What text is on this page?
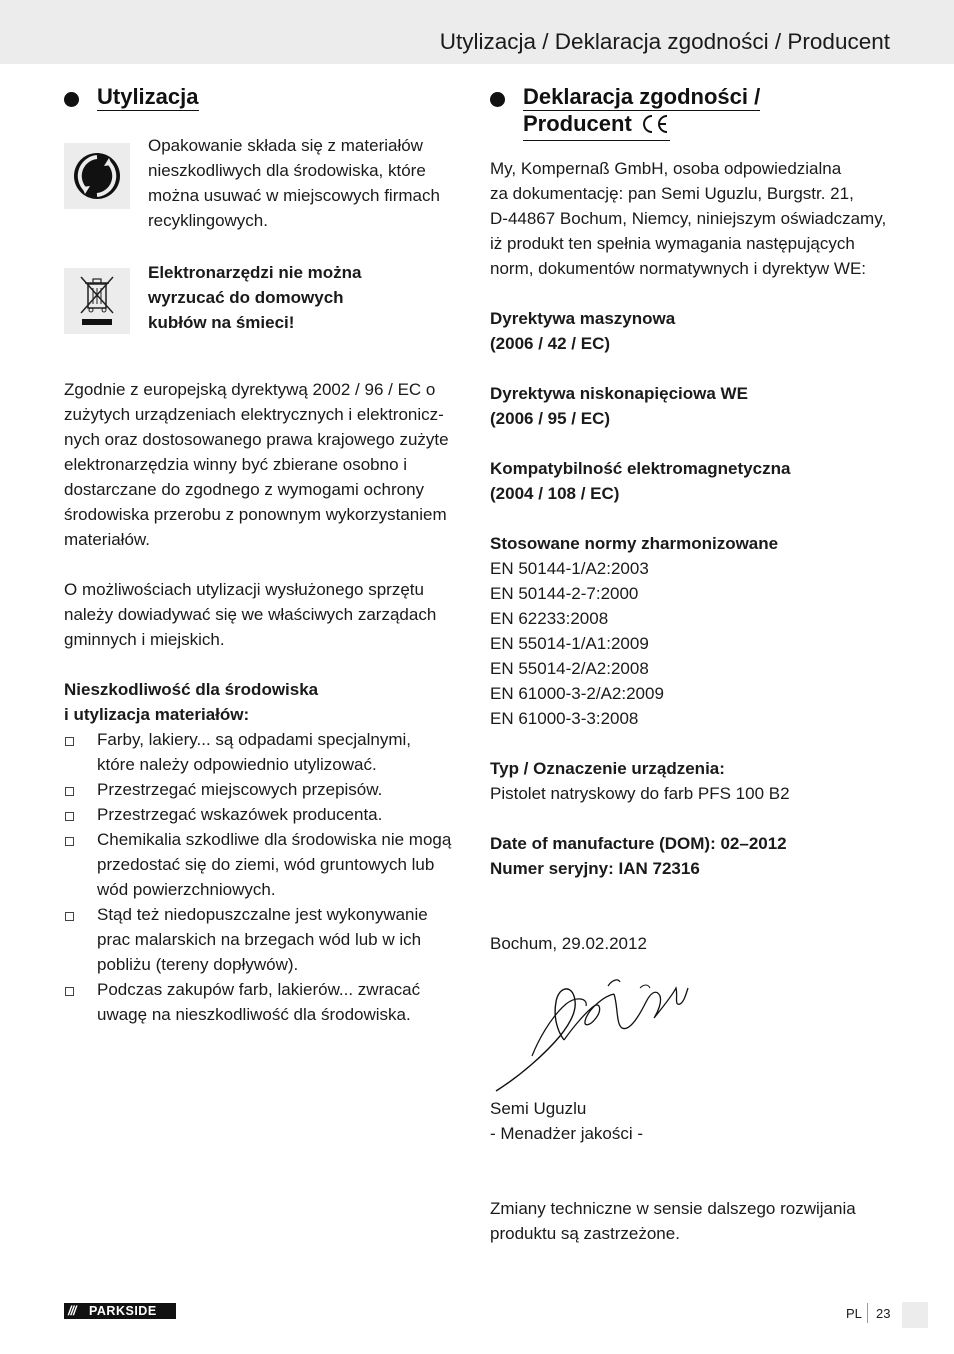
Utylizacja / Deklaracja zgodności / Producent
Utylizacja
Opakowanie składa się z materiałów nieszkodliwych dla środowiska, które można usuwać w miejscowych firmach recyklingowych.

Elektronarzędzi nie można

wyrzucać do domowych

kubłów na śmieci!

Zgodnie z europejską dyrektywą 2002 / 96 / EC o

zużytych urządzeniach elektrycznych i elektronicz-

nych oraz dostosowanego prawa krajowego zużyte

elektronarzędzia winny być zbierane osobno i

dostarczane do zgodnego z wymogami ochrony

środowiska przerobu z ponownym wykorzystaniem

materiałów.

O możliwościach utylizacji wysłużonego sprzętu

należy dowiadywać się we właściwych zarządach

gminnych i miejskich.

Nieszkodliwość dla środowiska

i utylizacja materiałów:

Farby, lakiery... są odpadami specjalnymi,

które należy odpowiednio utylizować.

Przestrzegać miejscowych przepisów.

Przestrzegać wskazówek producenta.

Chemikalia szkodliwe dla środowiska nie mogą

przedostać się do ziemi, wód gruntowych lub

wód powierzchniowych.

Stąd też niedopuszczalne jest wykonywanie

prac malarskich na brzegach wód lub w ich

pobliżu (tereny dopływów).

Podczas zakupów farb, lakierów... zwracać

uwagę na nieszkodliwość dla środowiska.

Deklaracja zgodności /
Producent

My, Kompernaß GmbH, osoba odpowiedzialna

za dokumentację: pan Semi Uguzlu, Burgstr. 21,

D-44867 Bochum, Niemcy, niniejszym oświadczamy,

iż produkt ten spełnia wymagania następujących

norm, dokumentów normatywnych i dyrektyw WE:

Dyrektywa maszynowa

(2006 / 42 / EC)

Dyrektywa niskonapięciowa WE

(2006 / 95 / EC)

Kompatybilność elektromagnetyczna

(2004 / 108 / EC)

Stosowane normy zharmonizowane

EN 50144-1/A2:2003

EN 50144-2-7:2000

EN 62233:2008

EN 55014-1/A1:2009

EN 55014-2/A2:2008

EN 61000-3-2/A2:2009

EN 61000-3-3:2008

Typ / Oznaczenie urządzenia:

Pistolet natryskowy do farb PFS 100 B2

Date of manufacture (DOM): 02–2012

Numer seryjny: IAN 72316

Bochum, 29.02.2012

Semi Uguzlu

- Menadżer jakości -

Zmiany techniczne w sensie dalszego rozwijania

produktu są zastrzeżone.

/// PARKSIDE	PL 23
